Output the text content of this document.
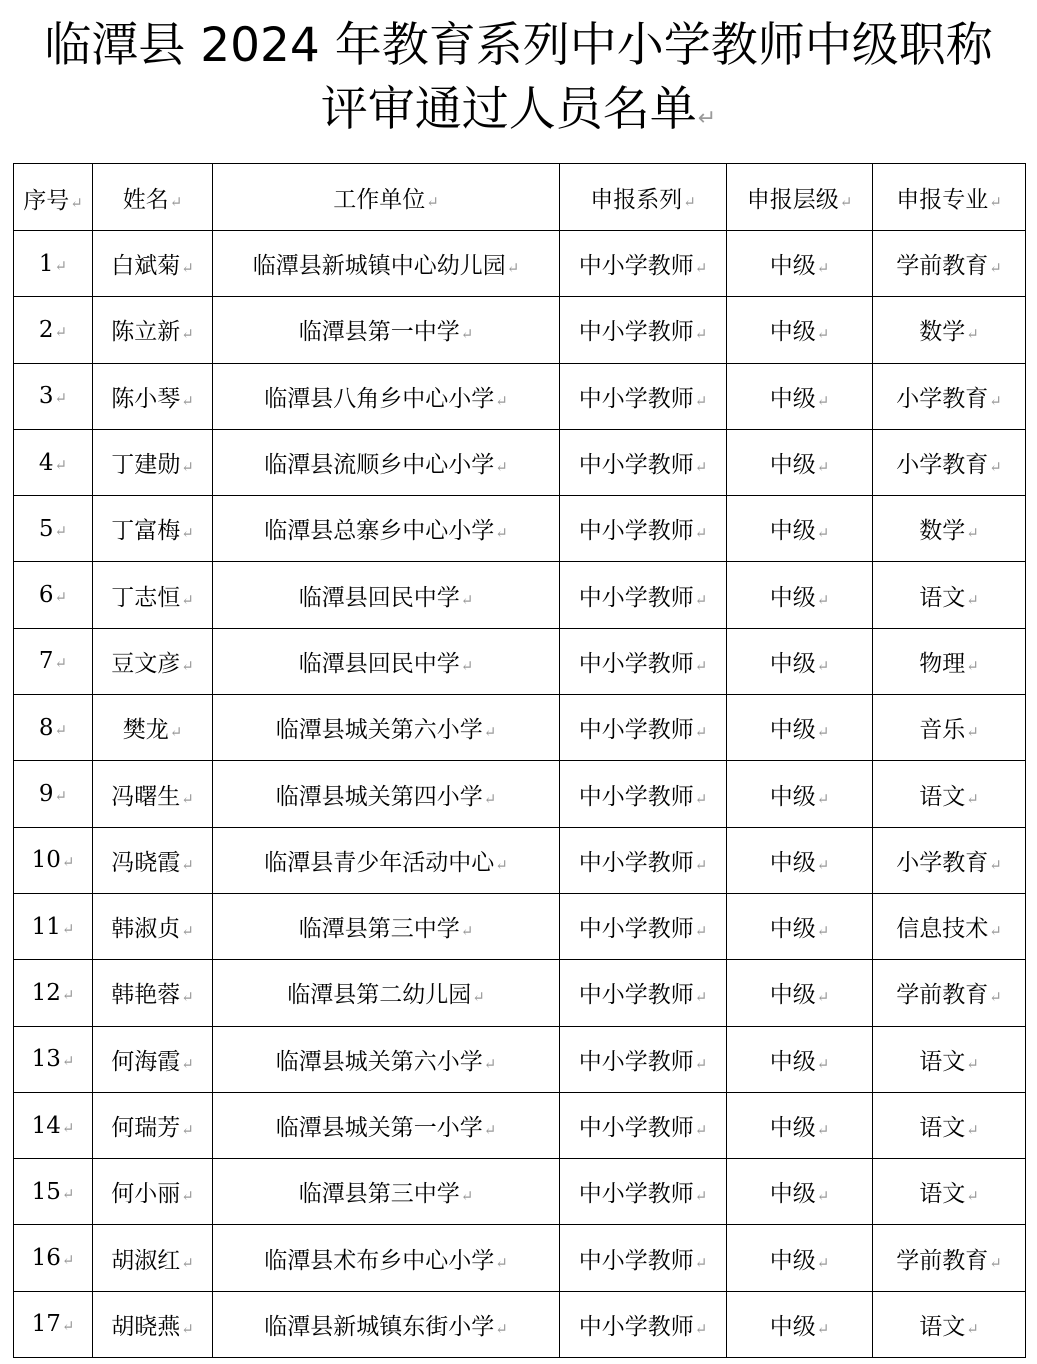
临潭县 2024 年教育系列中小学教师中级职称
评审通过人员名单↵
序号↵	姓名↵	工作单位↵	申报系列↵	申报层级↵	申报专业↵
1↵	白斌菊↵	临潭县新城镇中心幼儿园↵	中小学教师↵	中级↵	学前教育↵
2↵	陈立新↵	临潭县第一中学↵	中小学教师↵	中级↵	数学↵
3↵	陈小琴↵	临潭县八角乡中心小学↵	中小学教师↵	中级↵	小学教育↵
4↵	丁建勋↵	临潭县流顺乡中心小学↵	中小学教师↵	中级↵	小学教育↵
5↵	丁富梅↵	临潭县总寨乡中心小学↵	中小学教师↵	中级↵	数学↵
6↵	丁志恒↵	临潭县回民中学↵	中小学教师↵	中级↵	语文↵
7↵	豆文彦↵	临潭县回民中学↵	中小学教师↵	中级↵	物理↵
8↵	樊龙↵	临潭县城关第六小学↵	中小学教师↵	中级↵	音乐↵
9↵	冯曙生↵	临潭县城关第四小学↵	中小学教师↵	中级↵	语文↵
10↵	冯晓霞↵	临潭县青少年活动中心↵	中小学教师↵	中级↵	小学教育↵
11↵	韩淑贞↵	临潭县第三中学↵	中小学教师↵	中级↵	信息技术↵
12↵	韩艳蓉↵	临潭县第二幼儿园↵	中小学教师↵	中级↵	学前教育↵
13↵	何海霞↵	临潭县城关第六小学↵	中小学教师↵	中级↵	语文↵
14↵	何瑞芳↵	临潭县城关第一小学↵	中小学教师↵	中级↵	语文↵
15↵	何小丽↵	临潭县第三中学↵	中小学教师↵	中级↵	语文↵
16↵	胡淑红↵	临潭县术布乡中心小学↵	中小学教师↵	中级↵	学前教育↵
17↵	胡晓燕↵	临潭县新城镇东街小学↵	中小学教师↵	中级↵	语文↵
